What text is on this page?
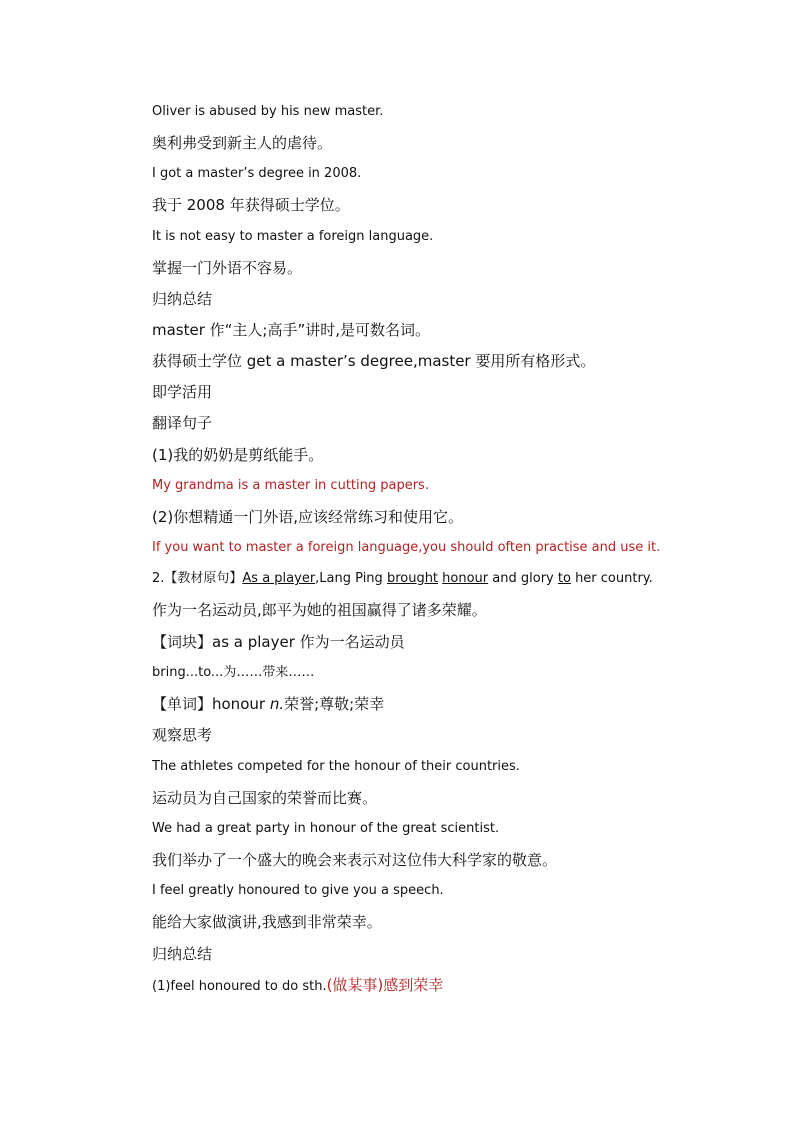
Oliver is abused by his new master.
奥利弗受到新主人的虐待。
I got a master’s degree in 2008.
我于 2008 年获得硕士学位。
It is not easy to master a foreign language.
掌握一门外语不容易。
归纳总结
master 作“主人;高手”讲时,是可数名词。
获得硕士学位 get a master’s degree,master 要用所有格形式。
即学活用
翻译句子
(1)我的奶奶是剪纸能手。
My grandma is a master in cutting papers.
(2)你想精通一门外语,应该经常练习和使用它。
If you want to master a foreign language,you should often practise and use it.
2.【教材原句】As a player,Lang Ping brought honour and glory to her country.
作为一名运动员,郎平为她的祖国赢得了诸多荣耀。
【词块】as a player 作为一名运动员
bring...to...为……带来……
【单词】honour n.荣誉;尊敬;荣幸
观察思考
The athletes competed for the honour of their countries.
运动员为自己国家的荣誉而比赛。
We had a great party in honour of the great scientist.
我们举办了一个盛大的晚会来表示对这位伟大科学家的敬意。
I feel greatly honoured to give you a speech.
能给大家做演讲,我感到非常荣幸。
归纳总结
(1)feel honoured to do sth.(做某事)感到荣幸
